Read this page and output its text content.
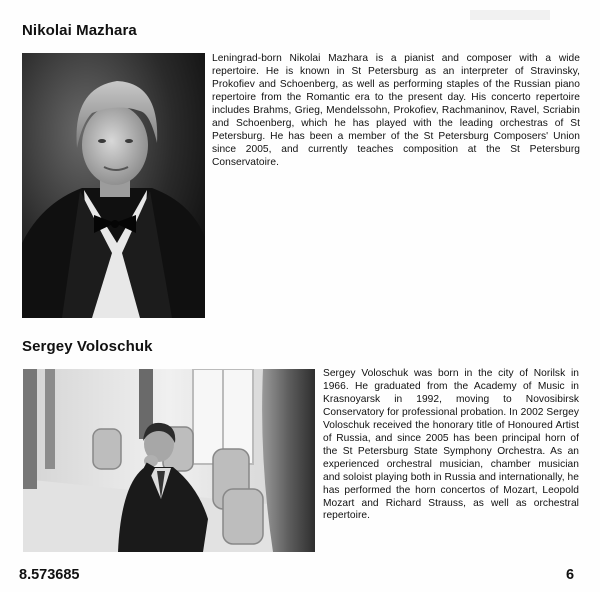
Nikolai Mazhara

Leningrad-born Nikolai Mazhara is a pianist and composer with a wide repertoire. He is known in St Petersburg as an interpreter of Stravinsky, Prokofiev and Schoenberg, as well as performing staples of the Russian piano repertoire from the Romantic era to the present day. His concerto repertoire includes Brahms, Grieg, Mendelssohn, Prokofiev, Rachmaninov, Ravel, Scriabin and Schoenberg, which he has played with the leading orchestras of St Petersburg. He has been a member of the St Petersburg Composers' Union since 2005, and currently teaches composition at the St Petersburg Conservatoire.

Sergey Voloschuk

Sergey Voloschuk was born in the city of Norilsk in 1966. He graduated from the Academy of Music in Krasnoyarsk in 1992, moving to Novosibirsk Conservatory for professional probation. In 2002 Sergey Voloschuk received the honorary title of Honoured Artist of Russia, and since 2005 has been principal horn of the St Petersburg State Symphony Orchestra. As an experienced orchestral musician, chamber musician and soloist playing both in Russia and internationally, he has performed the horn concertos of Mozart, Leopold Mozart and Richard Strauss, as well as orchestral repertoire.

8.573685	6
